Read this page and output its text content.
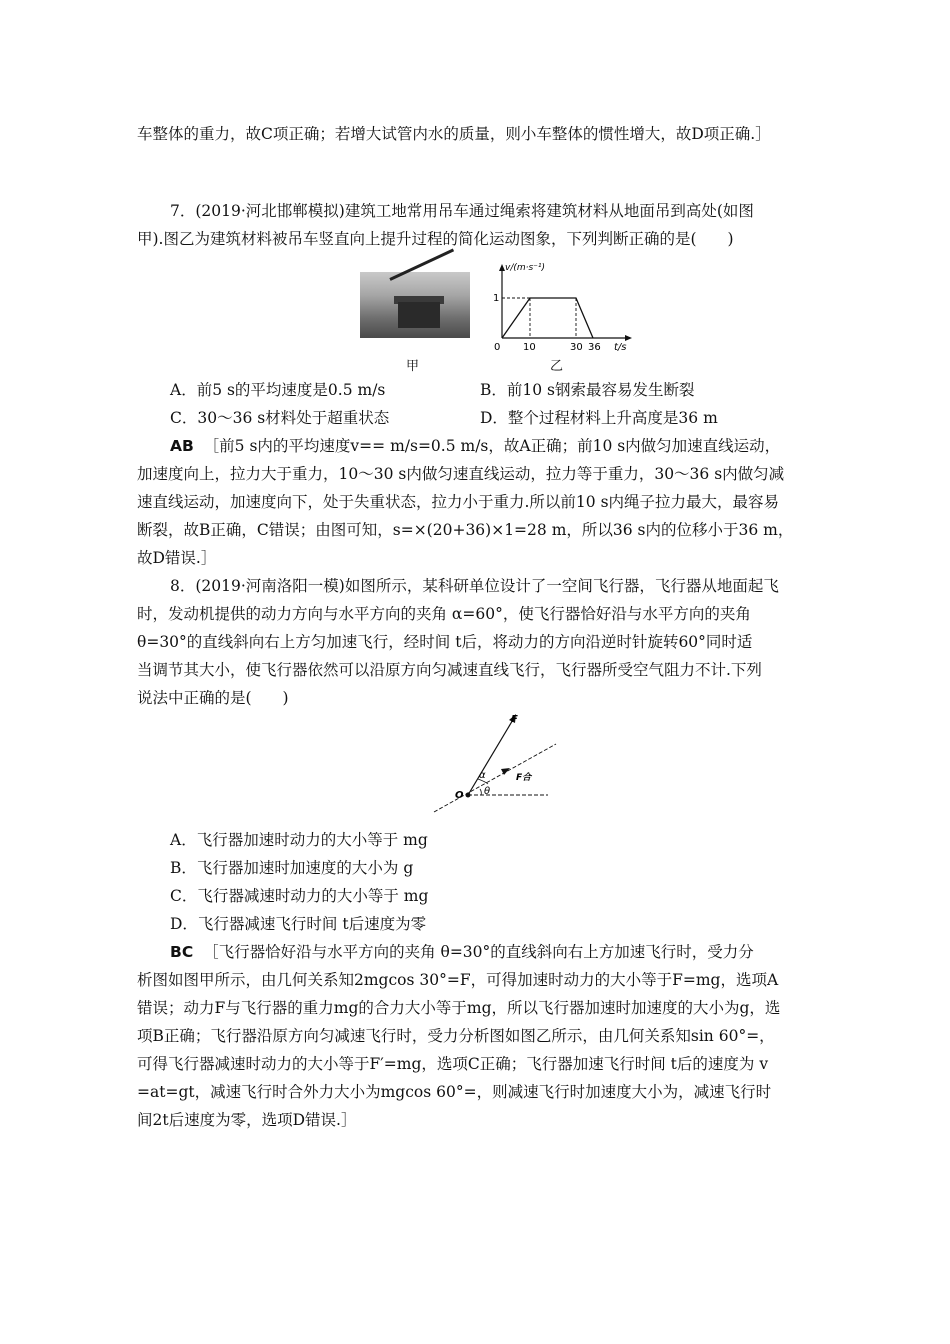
车整体的重力，故C项正确；若增大试管内水的质量，则小车整体的惯性增大，故D项正确.］
7．(2019·河北邯郸模拟)建筑工地常用吊车通过绳索将建筑材料从地面吊到高处(如图
甲).图乙为建筑材料被吊车竖直向上提升过程的简化运动图象，下列判断正确的是(　　)
甲
v/(m·s⁻¹)
1
0 10	30 36 t/s
乙
A．前5 s的平均速度是0.5 m/s	B．前10 s钢索最容易发生断裂
C．30～36 s材料处于超重状态	D．整个过程材料上升高度是36 m
AB ［前5 s内的平均速度v== m/s=0.5 m/s，故A正确；前10 s内做匀加速直线运动，
加速度向上，拉力大于重力，10～30 s内做匀速直线运动，拉力等于重力，30～36 s内做匀减
速直线运动，加速度向下，处于失重状态，拉力小于重力.所以前10 s内绳子拉力最大，最容易
断裂，故B正确，C错误；由图可知，s=×(20+36)×1=28 m，所以36 s内的位移小于36 m，
故D错误.］
8．(2019·河南洛阳一模)如图所示，某科研单位设计了一空间飞行器，飞行器从地面起飞
时，发动机提供的动力方向与水平方向的夹角 α=60°，使飞行器恰好沿与水平方向的夹角
θ=30°的直线斜向右上方匀加速飞行，经时间 t后，将动力的方向沿逆时针旋转60°同时适
当调节其大小，使飞行器依然可以沿原方向匀减速直线飞行，飞行器所受空气阻力不计.下列
说法中正确的是(　　)
F
F合
O
α
θ
A．飞行器加速时动力的大小等于 mg
B．飞行器加速时加速度的大小为 g
C．飞行器减速时动力的大小等于 mg
D．飞行器减速飞行时间 t后速度为零
BC ［飞行器恰好沿与水平方向的夹角 θ=30°的直线斜向右上方加速飞行时，受力分
析图如图甲所示，由几何关系知2mgcos 30°=F，可得加速时动力的大小等于F=mg，选项A
错误；动力F与飞行器的重力mg的合力大小等于mg，所以飞行器加速时加速度的大小为g，选
项B正确；飞行器沿原方向匀减速飞行时，受力分析图如图乙所示，由几何关系知sin 60°=，
可得飞行器减速时动力的大小等于F′=mg，选项C正确；飞行器加速飞行时间 t后的速度为 v
=at=gt，减速飞行时合外力大小为mgcos 60°=，则减速飞行时加速度大小为，减速飞行时
间2t后速度为零，选项D错误.］
